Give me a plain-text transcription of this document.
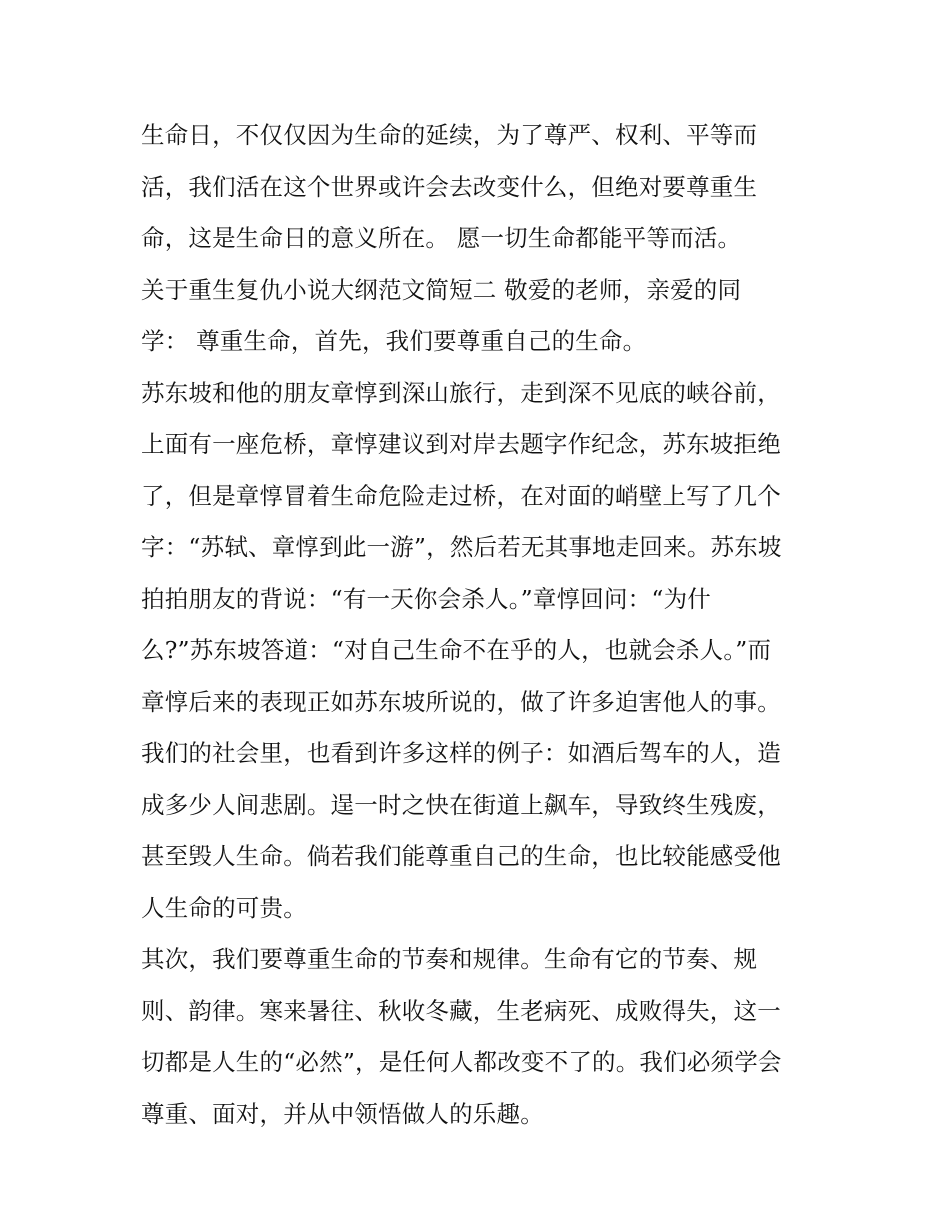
生命日，不仅仅因为生命的延续，为了尊严、权利、平等而
活，我们活在这个世界或许会去改变什么，但绝对要尊重生
命，这是生命日的意义所在。 愿一切生命都能平等而活。
关于重生复仇小说大纲范文简短二 敬爱的老师，亲爱的同
学： 尊重生命，首先，我们要尊重自己的生命。
苏东坡和他的朋友章惇到深山旅行，走到深不见底的峡谷前，
上面有一座危桥，章惇建议到对岸去题字作纪念，苏东坡拒绝
了，但是章惇冒着生命危险走过桥，在对面的峭壁上写了几个
字：“苏轼、章惇到此一游”，然后若无其事地走回来。苏东坡
拍拍朋友的背说：“有一天你会杀人。”章惇回问：“为什
么?”苏东坡答道：“对自己生命不在乎的人，也就会杀人。”而
章惇后来的表现正如苏东坡所说的，做了许多迫害他人的事。
我们的社会里，也看到许多这样的例子：如酒后驾车的人，造
成多少人间悲剧。逞一时之快在街道上飙车，导致终生残废，
甚至毁人生命。倘若我们能尊重自己的生命，也比较能感受他
人生命的可贵。
其次，我们要尊重生命的节奏和规律。生命有它的节奏、规
则、韵律。寒来暑往、秋收冬藏，生老病死、成败得失，这一
切都是人生的“必然”，是任何人都改变不了的。我们必须学会
尊重、面对，并从中领悟做人的乐趣。
